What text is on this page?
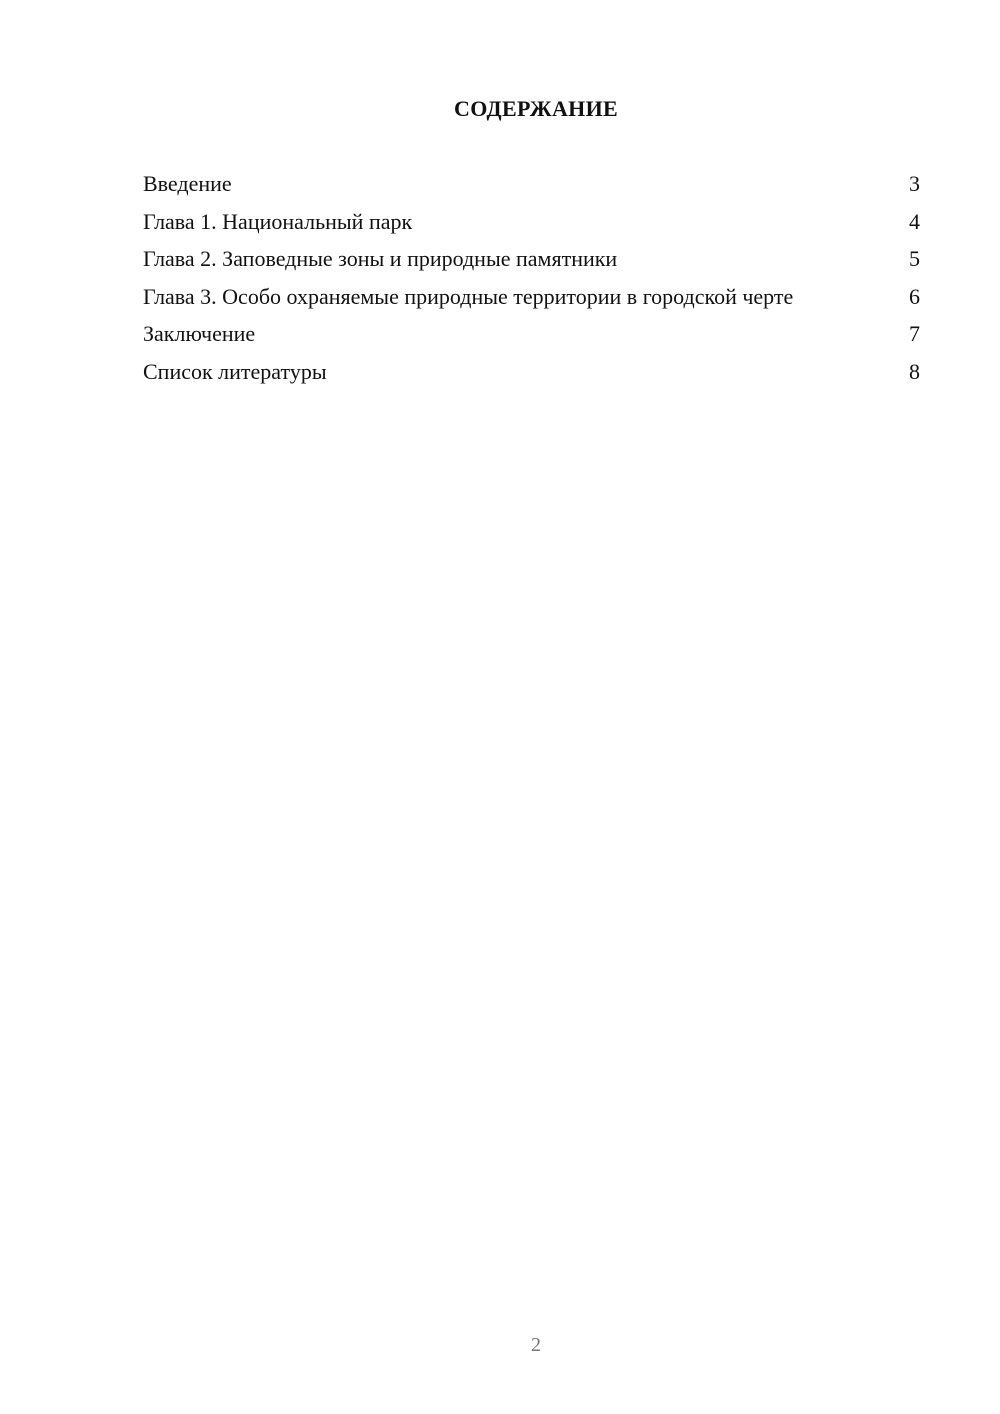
СОДЕРЖАНИЕ
Введение	3
Глава 1. Национальный парк	4
Глава 2. Заповедные зоны и природные памятники	5
Глава 3. Особо охраняемые природные территории в городской черте	6
Заключение	7
Список литературы	8
2
